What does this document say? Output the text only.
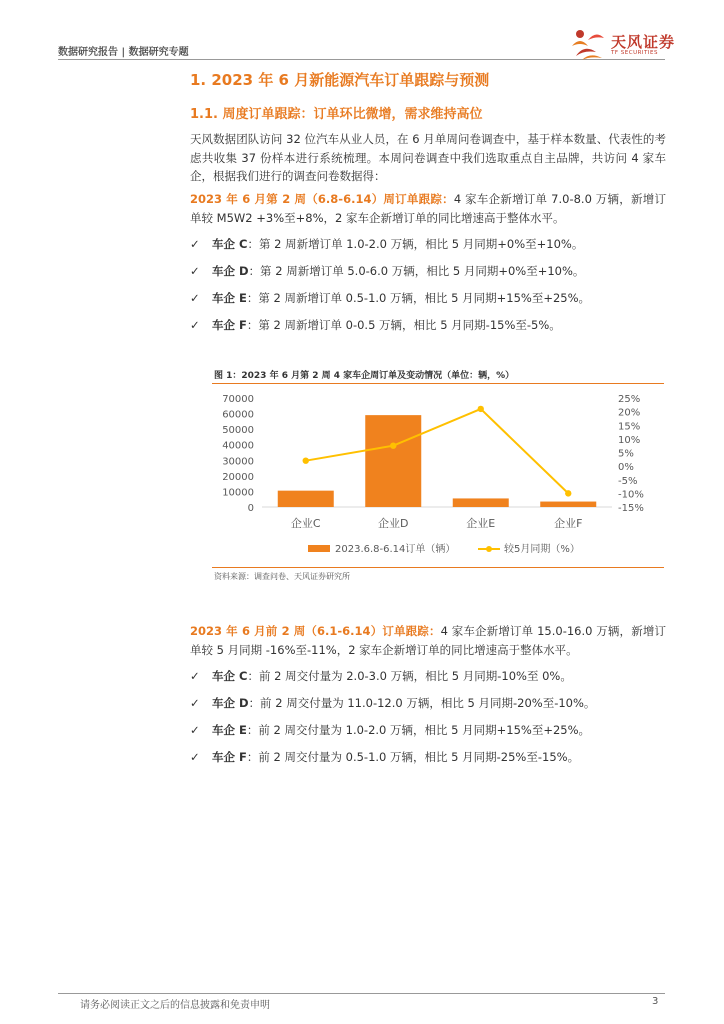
数据研究报告 | 数据研究专题
天风证券
TF SECURITIES
1. 2023 年 6 月新能源汽车订单跟踪与预测
1.1. 周度订单跟踪：订单环比微增，需求维持高位
天风数据团队访问 32 位汽车从业人员，在 6 月单周问卷调查中，基于样本数量、代表性的考虑共收集 37 份样本进行系统梳理。本周问卷调查中我们选取重点自主品牌，共访问 4 家车企，根据我们进行的调查问卷数据得：
2023 年 6 月第 2 周（6.8-6.14）周订单跟踪：4 家车企新增订单 7.0-8.0 万辆，新增订单较 M5W2 +3%至+8%，2 家车企新增订单的同比增速高于整体水平。
✓ 车企 C：第 2 周新增订单 1.0-2.0 万辆，相比 5 月同期+0%至+10%。
✓ 车企 D：第 2 周新增订单 5.0-6.0 万辆，相比 5 月同期+0%至+10%。
✓ 车企 E：第 2 周新增订单 0.5-1.0 万辆，相比 5 月同期+15%至+25%。
✓ 车企 F：第 2 周新增订单 0-0.5 万辆，相比 5 月同期-15%至-5%。
图 1：2023 年 6 月第 2 周 4 家车企周订单及变动情况（单位：辆，%）
0
10000
20000
30000
40000
50000
60000
70000
-15%
-10%
-5%
0%
5%
10%
15%
20%
25%
企业C	企业D	企业E	企业F
2023.6.8-6.14订单（辆）	较5月同期（%）
资料来源：调查问卷、天风证券研究所
2023 年 6 月前 2 周（6.1-6.14）订单跟踪：4 家车企新增订单 15.0-16.0 万辆，新增订单较 5 月同期 -16%至-11%，2 家车企新增订单的同比增速高于整体水平。
✓ 车企 C：前 2 周交付量为 2.0-3.0 万辆，相比 5 月同期-10%至 0%。
✓ 车企 D：前 2 周交付量为 11.0-12.0 万辆，相比 5 月同期-20%至-10%。
✓ 车企 E：前 2 周交付量为 1.0-2.0 万辆，相比 5 月同期+15%至+25%。
✓ 车企 F：前 2 周交付量为 0.5-1.0 万辆，相比 5 月同期-25%至-15%。
请务必阅读正文之后的信息披露和免责申明	3
